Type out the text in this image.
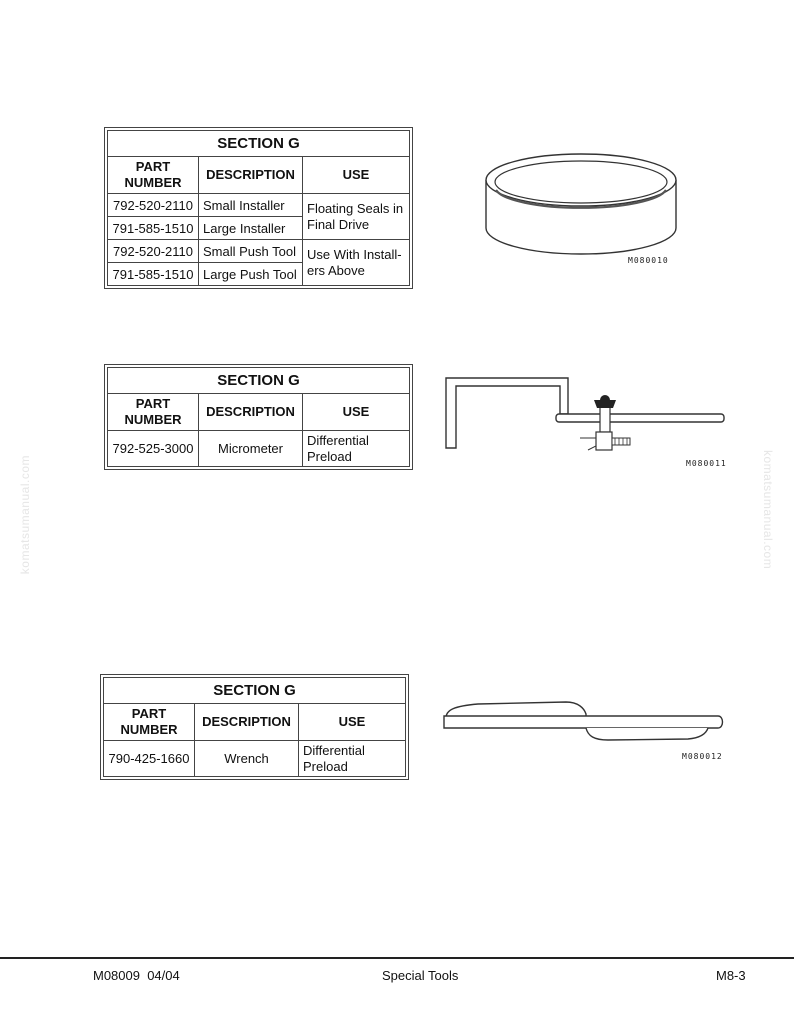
SECTION G		
PART
NUMBER	DESCRIPTION	USE
792-520-2110	Small Installer	Floating Seals in Final Drive
791-585-1510	Large Installer	
792-520-2110	Small Push Tool	Use With Install-ers Above
791-585-1510	Large Push Tool	
M080010
SECTION G		
PART
NUMBER	DESCRIPTION	USE
792-525-3000	Micrometer	Differential Preload	M080011
SECTION G		
PART
NUMBER	DESCRIPTION	USE
790-425-1660	Wrench	Differential Preload
M080012
komatsumanual.com	komatsumanual.com
M08009  04/04	Special Tools	M8-3
